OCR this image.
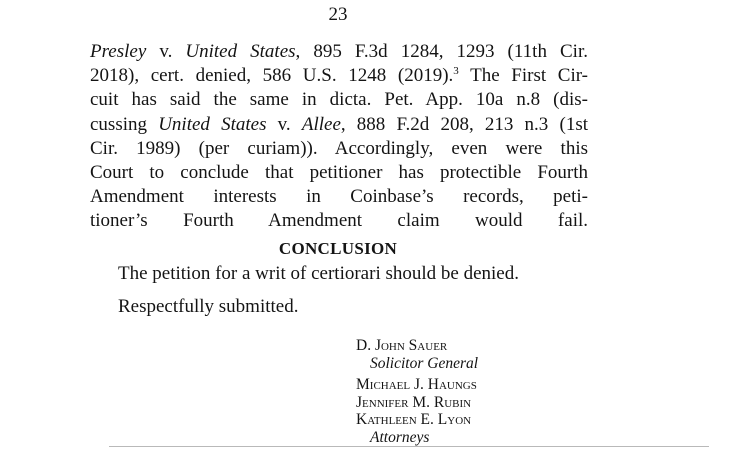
23
Presley v. United States, 895 F.3d 1284, 1293 (11th Cir.
2018), cert. denied, 586 U.S. 1248 (2019).$^3$ The First Cir-
cuit has said the same in dicta. Pet. App. 10a n.8 (dis-
cussing United States v. Allee, 888 F.2d 208, 213 n.3 (1st
Cir. 1989) (per curiam)). Accordingly, even were this
Court to conclude that petitioner has protectible Fourth
Amendment interests in Coinbase’s records, peti-
tioner’s Fourth Amendment claim would fail.
CONCLUSION
The petition for a writ of certiorari should be denied.
Respectfully submitted.
D. John Sauer
Solicitor General
Michael J. Haungs
Jennifer M. Rubin
Kathleen E. Lyon
Attorneys
